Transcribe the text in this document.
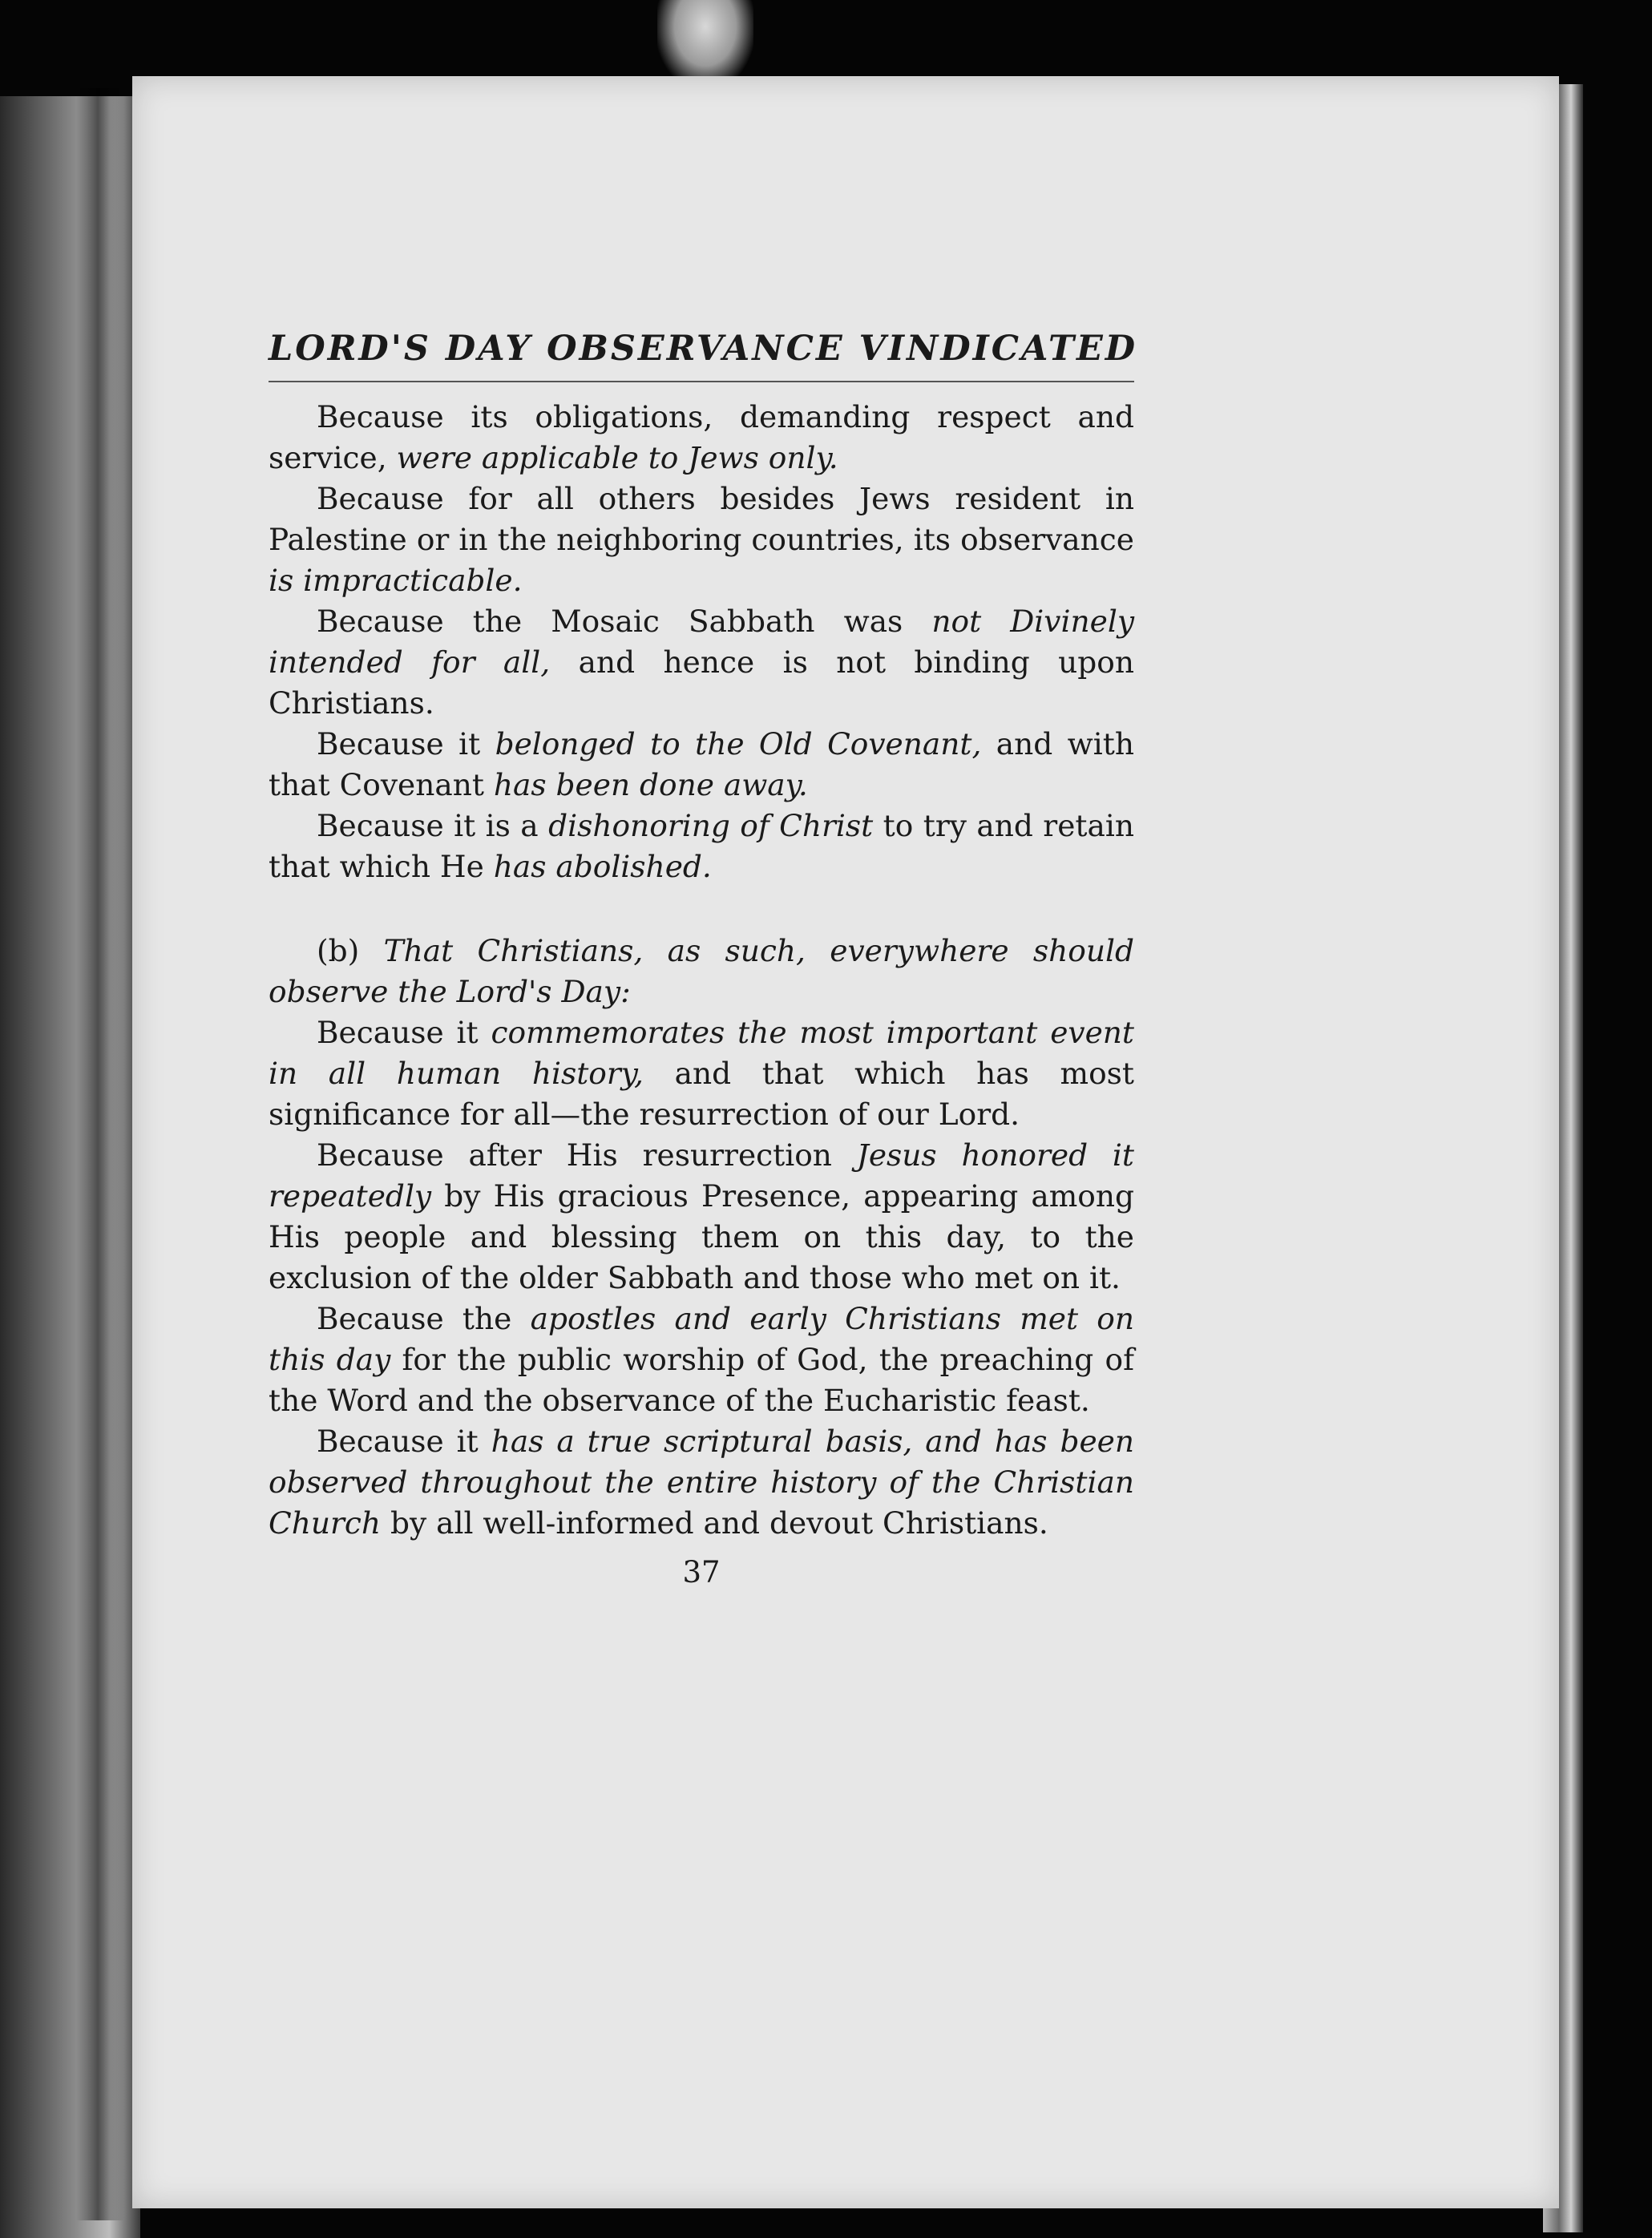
LORD'S DAY OBSERVANCE VINDICATED

Because its obligations, demanding respect and service, were applicable to Jews only.

Because for all others besides Jews resident in Palestine or in the neighboring countries, its observance is impracticable.

Because the Mosaic Sabbath was not Divinely intended for all, and hence is not binding upon Christians.

Because it belonged to the Old Covenant, and with that Covenant has been done away.

Because it is a dishonoring of Christ to try and retain that which He has abolished.

(b) That Christians, as such, everywhere should observe the Lord's Day:

Because it commemorates the most important event in all human history, and that which has most significance for all—the resurrection of our Lord.

Because after His resurrection Jesus honored it repeatedly by His gracious Presence, appearing among His people and blessing them on this day, to the exclusion of the older Sabbath and those who met on it.

Because the apostles and early Christians met on this day for the public worship of God, the preaching of the Word and the observance of the Eucharistic feast.

Because it has a true scriptural basis, and has been observed throughout the entire history of the Christian Church by all well-informed and devout Christians.

37
